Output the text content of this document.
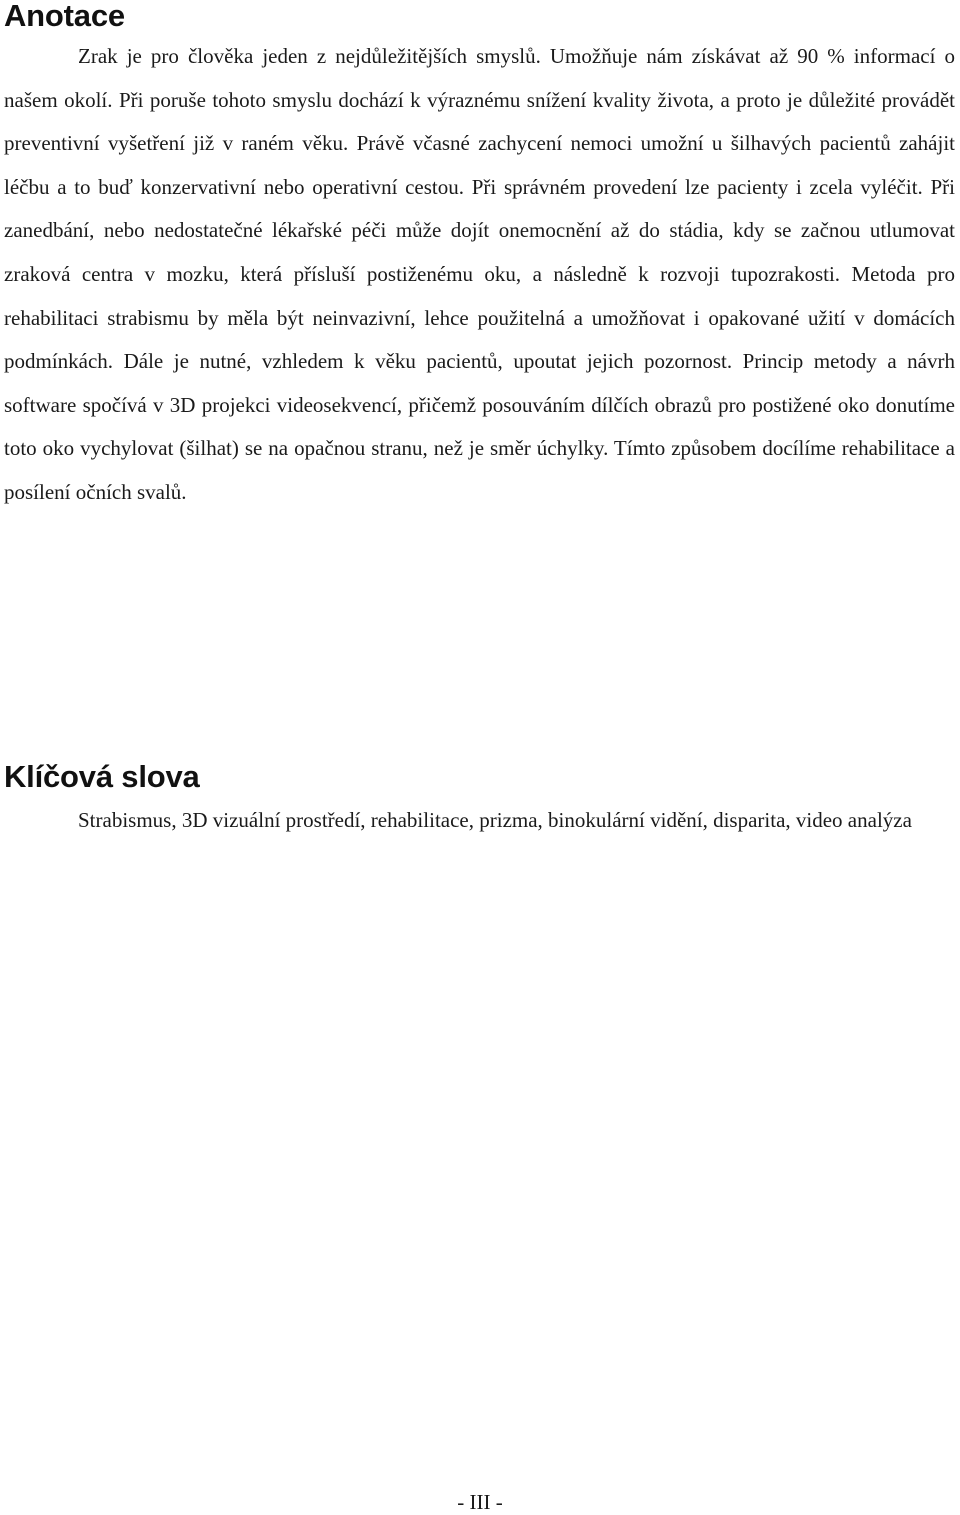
Anotace

Zrak je pro člověka jeden z nejdůležitějších smyslů. Umožňuje nám získávat až 90 % informací o našem okolí. Při poruše tohoto smyslu dochází k výraznému snížení kvality života, a proto je důležité provádět preventivní vyšetření již v raném věku. Právě včasné zachycení nemoci umožní u šilhavých pacientů zahájit léčbu a to buď konzervativní nebo operativní cestou. Při správném provedení lze pacienty i zcela vyléčit. Při zanedbání, nebo nedostatečné lékařské péči může dojít onemocnění až do stádia, kdy se začnou utlumovat zraková centra v mozku, která přísluší postiženému oku, a následně k rozvoji tupozrakosti. Metoda pro rehabilitaci strabismu by měla být neinvazivní, lehce použitelná a umožňovat i opakované užití v domácích podmínkách. Dále je nutné, vzhledem k věku pacientů, upoutat jejich pozornost. Princip metody a návrh software spočívá v 3D projekci videosekvencí, přičemž posouváním dílčích obrazů pro postižené oko donutíme toto oko vychylovat (šilhat) se na opačnou stranu, než je směr úchylky. Tímto způsobem docílíme rehabilitace a posílení očních svalů.

Klíčová slova

Strabismus, 3D vizuální prostředí, rehabilitace, prizma, binokulární vidění, disparita, video analýza

- III -
